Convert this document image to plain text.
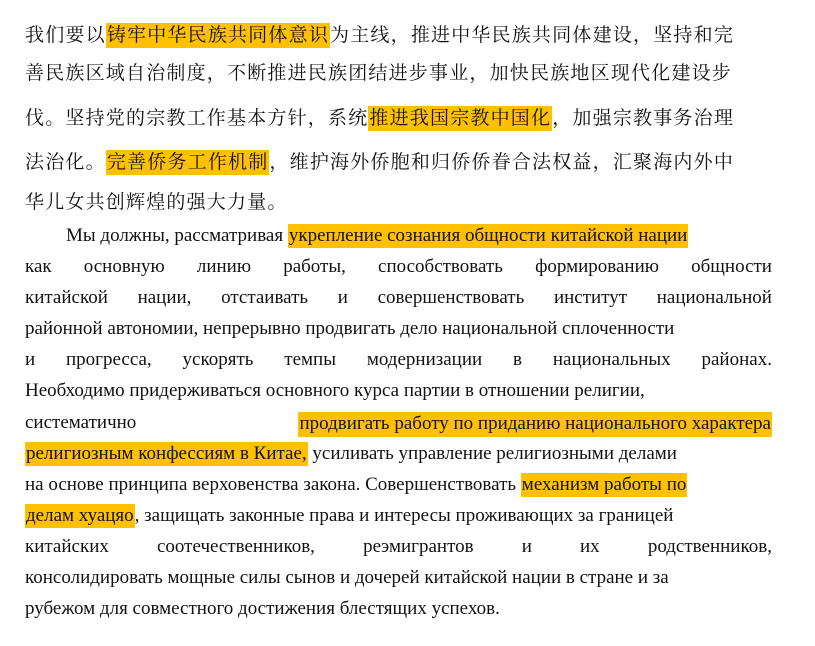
我们要以铸牢中华民族共同体意识为主线，推进中华民族共同体建设，坚持和完
善民族区域自治制度，不断推进民族团结进步事业，加快民族地区现代化建设步
伐。坚持党的宗教工作基本方针，系统推进我国宗教中国化，加强宗教事务治理
法治化。完善侨务工作机制，维护海外侨胞和归侨侨眷合法权益，汇聚海内外中
华儿女共创辉煌的强大力量。
Мы должны, рассматривая укрепление сознания общности китайской нации
как основную линию работы, способствовать формированию общности
китайской нации, отстаивать и совершенствовать институт национальной
районной автономии, непрерывно продвигать дело национальной сплоченности
и прогресса, ускорять темпы модернизации в национальных районах.
Необходимо придерживаться основного курса партии в отношении религии,
систематично	продвигать работу по приданию национального характера
религиозным конфессиям в Китае, усиливать управление религиозными делами
на основе принципа верховенства закона. Совершенствовать механизм работы по
делам хуацяо, защищать законные права и интересы проживающих за границей
китайских	соотечественников,	реэмигрантов	и	их	родственников,
консолидировать мощные силы сынов и дочерей китайской нации в стране и за
рубежом для совместного достижения блестящих успехов.
